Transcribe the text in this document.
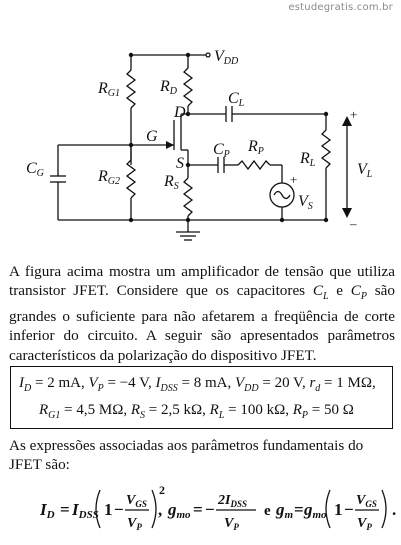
estudegratis.com.br
VDD
RG1 RD
D
CL
G
CP RP
S	RL	VL
+
–
CG	RG2	RS
VS
+
A figura acima mostra um amplificador de tensão que utiliza transistor JFET. Considere que os capacitores $C_L$ e $C_P$ são grandes o suficiente para não afetarem a freqüência de corte inferior do circuito. A seguir são apresentados parâmetros característicos da polarização do dispositivo JFET.
$I_D = 2$ mA, $V_P = -4$ V, $I_{DSS} = 8$ mA, $V_{DD} = 20$ V, $r_d = 1$ MΩ,
$R_{G1} = 4,5$ MΩ, $R_S = 2,5$ kΩ, $R_L = 100$ kΩ, $R_P = 50$ Ω
As expressões associadas aos parâmetros fundamentais do JFET são:
ID = IDSS $1 - V_{GS}$
$V_P$
2
, gmo = − $2I_{DSS}$
$V_P$
e gm = gmo $1 - V_{GS}$
$V_P$
.
